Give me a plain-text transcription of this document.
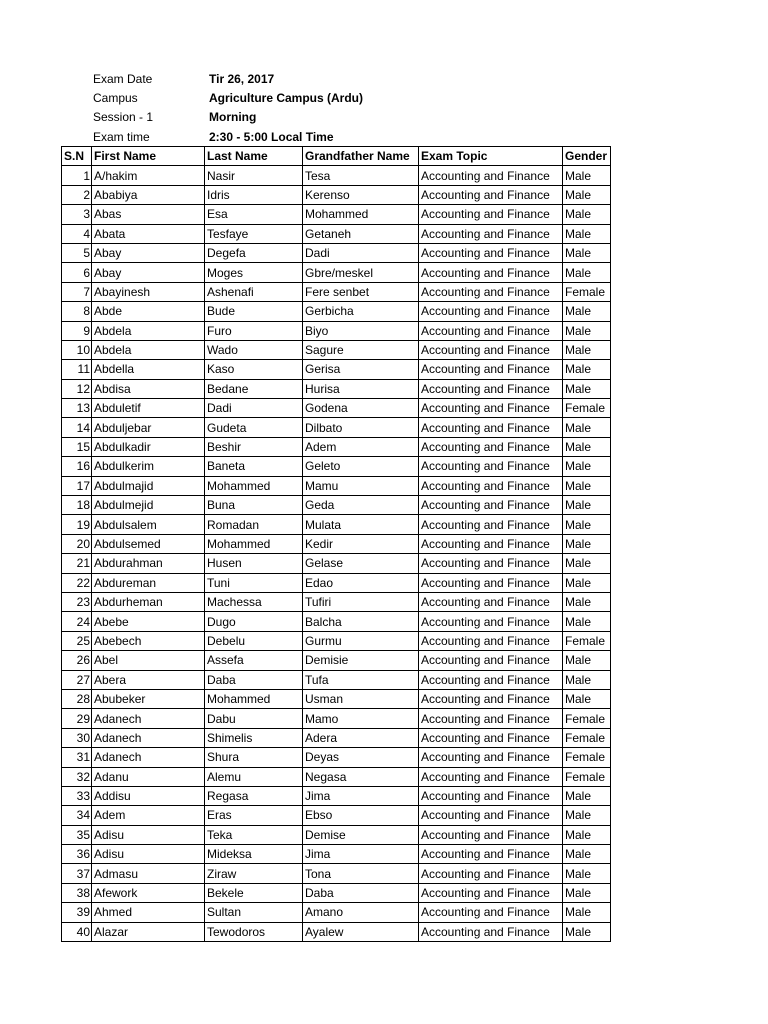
Exam Date	Tir 26, 2017
Campus	Agriculture Campus (Ardu)
Session - 1	Morning
Exam time	2:30 - 5:00 Local Time
S.N	First Name	Last Name	Grandfather Name	Exam Topic	Gender
1	A/hakim	Nasir	Tesa	Accounting and Finance	Male
2	Ababiya	Idris	Kerenso	Accounting and Finance	Male
3	Abas	Esa	Mohammed	Accounting and Finance	Male
4	Abata	Tesfaye	Getaneh	Accounting and Finance	Male
5	Abay	Degefa	Dadi	Accounting and Finance	Male
6	Abay	Moges	Gbre/meskel	Accounting and Finance	Male
7	Abayinesh	Ashenafi	Fere senbet	Accounting and Finance	Female
8	Abde	Bude	Gerbicha	Accounting and Finance	Male
9	Abdela	Furo	Biyo	Accounting and Finance	Male
10	Abdela	Wado	Sagure	Accounting and Finance	Male
11	Abdella	Kaso	Gerisa	Accounting and Finance	Male
12	Abdisa	Bedane	Hurisa	Accounting and Finance	Male
13	Abduletif	Dadi	Godena	Accounting and Finance	Female
14	Abduljebar	Gudeta	Dilbato	Accounting and Finance	Male
15	Abdulkadir	Beshir	Adem	Accounting and Finance	Male
16	Abdulkerim	Baneta	Geleto	Accounting and Finance	Male
17	Abdulmajid	Mohammed	Mamu	Accounting and Finance	Male
18	Abdulmejid	Buna	Geda	Accounting and Finance	Male
19	Abdulsalem	Romadan	Mulata	Accounting and Finance	Male
20	Abdulsemed	Mohammed	Kedir	Accounting and Finance	Male
21	Abdurahman	Husen	Gelase	Accounting and Finance	Male
22	Abdureman	Tuni	Edao	Accounting and Finance	Male
23	Abdurheman	Machessa	Tufiri	Accounting and Finance	Male
24	Abebe	Dugo	Balcha	Accounting and Finance	Male
25	Abebech	Debelu	Gurmu	Accounting and Finance	Female
26	Abel	Assefa	Demisie	Accounting and Finance	Male
27	Abera	Daba	Tufa	Accounting and Finance	Male
28	Abubeker	Mohammed	Usman	Accounting and Finance	Male
29	Adanech	Dabu	Mamo	Accounting and Finance	Female
30	Adanech	Shimelis	Adera	Accounting and Finance	Female
31	Adanech	Shura	Deyas	Accounting and Finance	Female
32	Adanu	Alemu	Negasa	Accounting and Finance	Female
33	Addisu	Regasa	Jima	Accounting and Finance	Male
34	Adem	Eras	Ebso	Accounting and Finance	Male
35	Adisu	Teka	Demise	Accounting and Finance	Male
36	Adisu	Mideksa	Jima	Accounting and Finance	Male
37	Admasu	Ziraw	Tona	Accounting and Finance	Male
38	Afework	Bekele	Daba	Accounting and Finance	Male
39	Ahmed	Sultan	Amano	Accounting and Finance	Male
40	Alazar	Tewodoros	Ayalew	Accounting and Finance	Male
